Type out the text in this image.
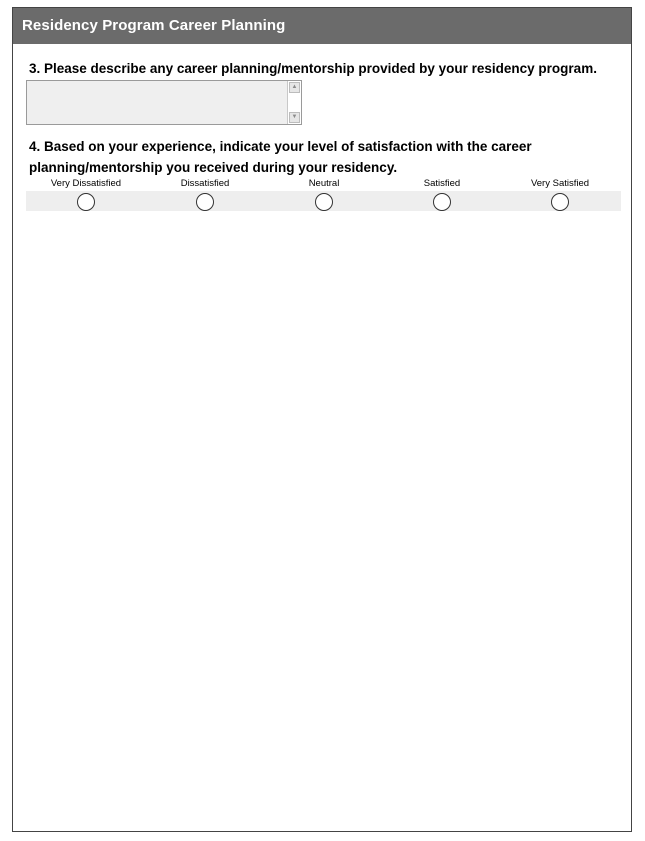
Residency Program Career Planning
3. Please describe any career planning/mentorship provided by your residency program.
▲
▼
4. Based on your experience, indicate your level of satisfaction with the career planning/mentorship you received during your residency.
Very Dissatisfied	Dissatisfied	Neutral	Satisfied	Very Satisfied
